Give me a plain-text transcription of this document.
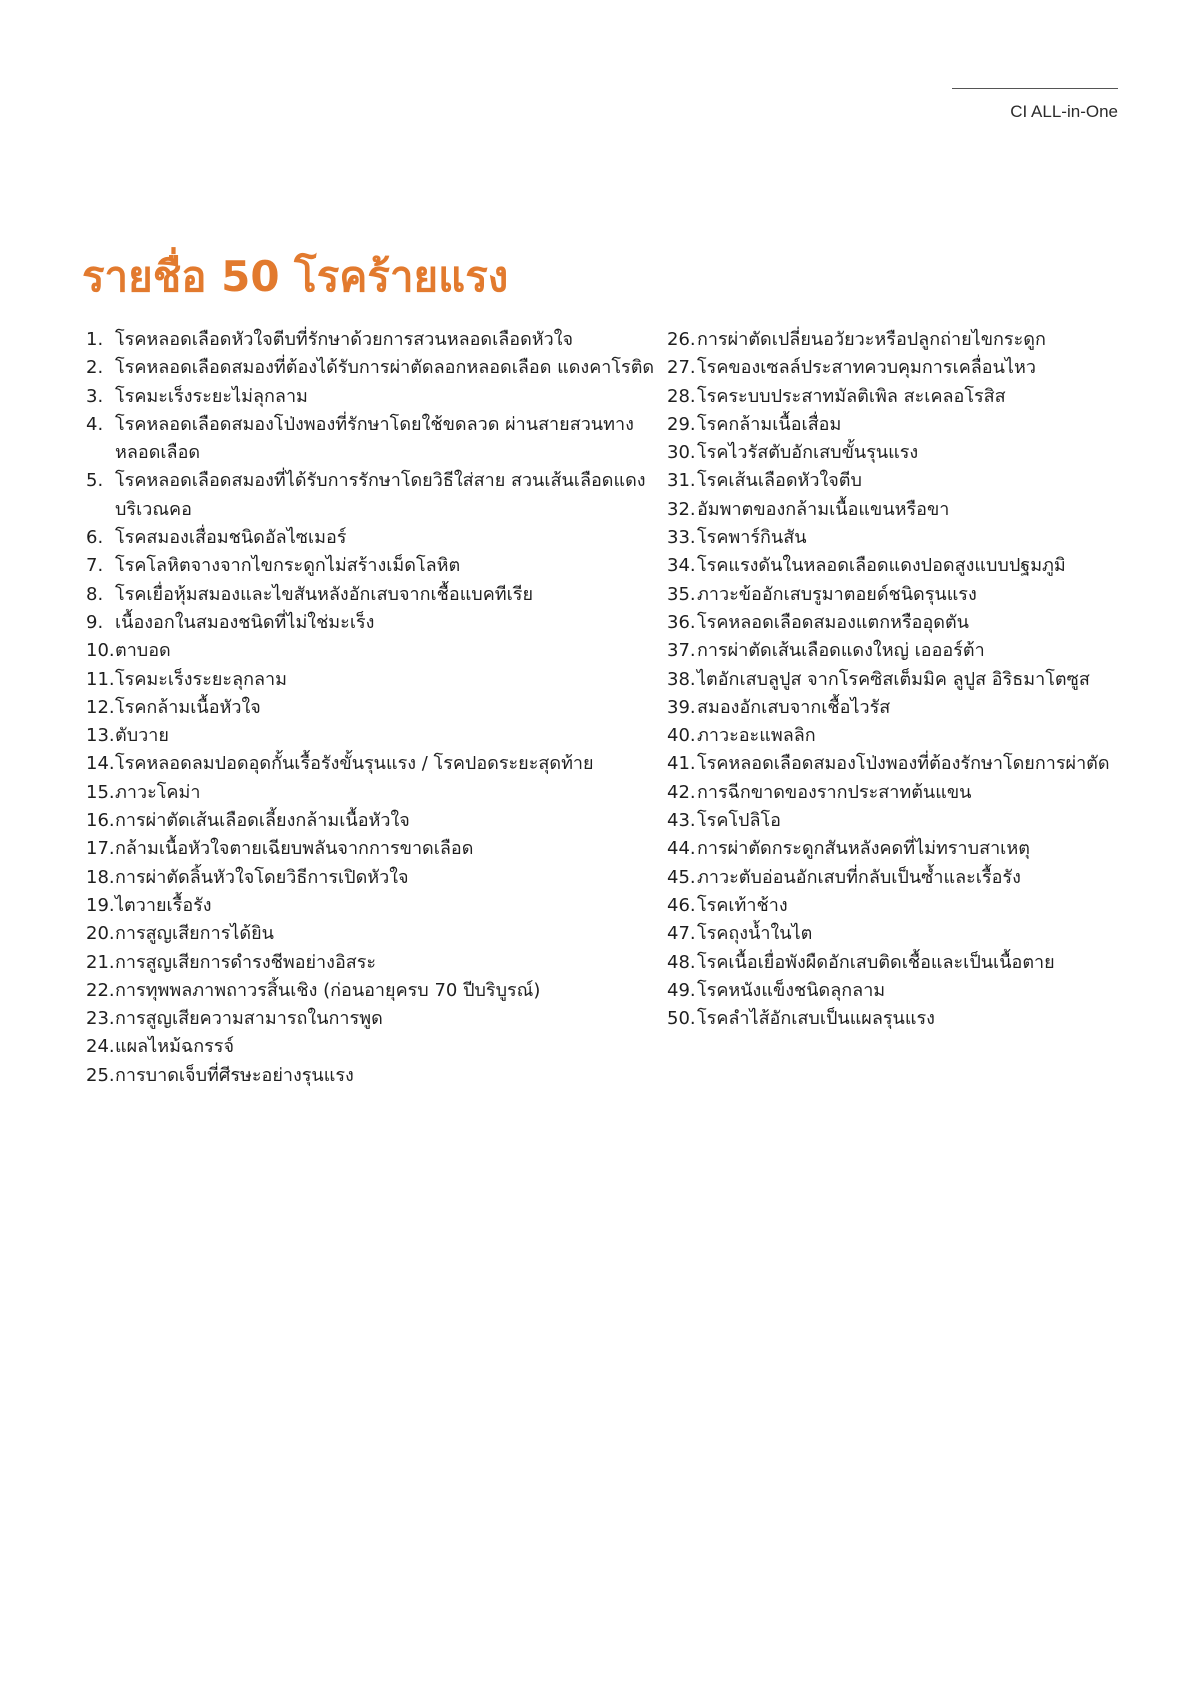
CI ALL-in-One
รายชื่อ 50 โรคร้ายแรง
1. โรคหลอดเลือดหัวใจตีบที่รักษาด้วยการสวนหลอดเลือดหัวใจ
2. โรคหลอดเลือดสมองที่ต้องได้รับการผ่าตัดลอกหลอดเลือด แดงคาโรติด
3. โรคมะเร็งระยะไม่ลุกลาม
4. โรคหลอดเลือดสมองโป่งพองที่รักษาโดยใช้ขดลวด ผ่านสายสวนทางหลอดเลือด
5. โรคหลอดเลือดสมองที่ได้รับการรักษาโดยวิธีใส่สาย สวนเส้นเลือดแดงบริเวณคอ
6. โรคสมองเสื่อมชนิดอัลไซเมอร์
7. โรคโลหิตจางจากไขกระดูกไม่สร้างเม็ดโลหิต
8. โรคเยื่อหุ้มสมองและไขสันหลังอักเสบจากเชื้อแบคทีเรีย
9. เนื้องอกในสมองชนิดที่ไม่ใช่มะเร็ง
10. ตาบอด
11. โรคมะเร็งระยะลุกลาม
12. โรคกล้ามเนื้อหัวใจ
13. ตับวาย
14. โรคหลอดลมปอดอุดกั้นเรื้อรังขั้นรุนแรง / โรคปอดระยะสุดท้าย
15. ภาวะโคม่า
16. การผ่าตัดเส้นเลือดเลี้ยงกล้ามเนื้อหัวใจ
17. กล้ามเนื้อหัวใจตายเฉียบพลันจากการขาดเลือด
18. การผ่าตัดลิ้นหัวใจโดยวิธีการเปิดหัวใจ
19. ไตวายเรื้อรัง
20. การสูญเสียการได้ยิน
21. การสูญเสียการดำรงชีพอย่างอิสระ
22. การทุพพลภาพถาวรสิ้นเชิง (ก่อนอายุครบ 70 ปีบริบูรณ์)
23. การสูญเสียความสามารถในการพูด
24. แผลไหม้ฉกรรจ์
25. การบาดเจ็บที่ศีรษะอย่างรุนแรง
26. การผ่าตัดเปลี่ยนอวัยวะหรือปลูกถ่ายไขกระดูก
27. โรคของเซลล์ประสาทควบคุมการเคลื่อนไหว
28. โรคระบบประสาทมัลติเพิล สะเคลอโรสิส
29. โรคกล้ามเนื้อเสื่อม
30. โรคไวรัสตับอักเสบขั้นรุนแรง
31. โรคเส้นเลือดหัวใจตีบ
32. อัมพาตของกล้ามเนื้อแขนหรือขา
33. โรคพาร์กินสัน
34. โรคแรงดันในหลอดเลือดแดงปอดสูงแบบปฐมภูมิ
35. ภาวะข้ออักเสบรูมาตอยด์ชนิดรุนแรง
36. โรคหลอดเลือดสมองแตกหรืออุดตัน
37. การผ่าตัดเส้นเลือดแดงใหญ่ เอออร์ต้า
38. ไตอักเสบลูปูส จากโรคซิสเต็มมิค ลูปูส อิริธมาโตซูส
39. สมองอักเสบจากเชื้อไวรัส
40. ภาวะอะแพลลิก
41. โรคหลอดเลือดสมองโป่งพองที่ต้องรักษาโดยการผ่าตัด
42. การฉีกขาดของรากประสาทต้นแขน
43. โรคโปลิโอ
44. การผ่าตัดกระดูกสันหลังคดที่ไม่ทราบสาเหตุ
45. ภาวะตับอ่อนอักเสบที่กลับเป็นซ้ำและเรื้อรัง
46. โรคเท้าช้าง
47. โรคถุงน้ำในไต
48. โรคเนื้อเยื่อพังผืดอักเสบติดเชื้อและเป็นเนื้อตาย
49. โรคหนังแข็งชนิดลุกลาม
50. โรคลำไส้อักเสบเป็นแผลรุนแรง
